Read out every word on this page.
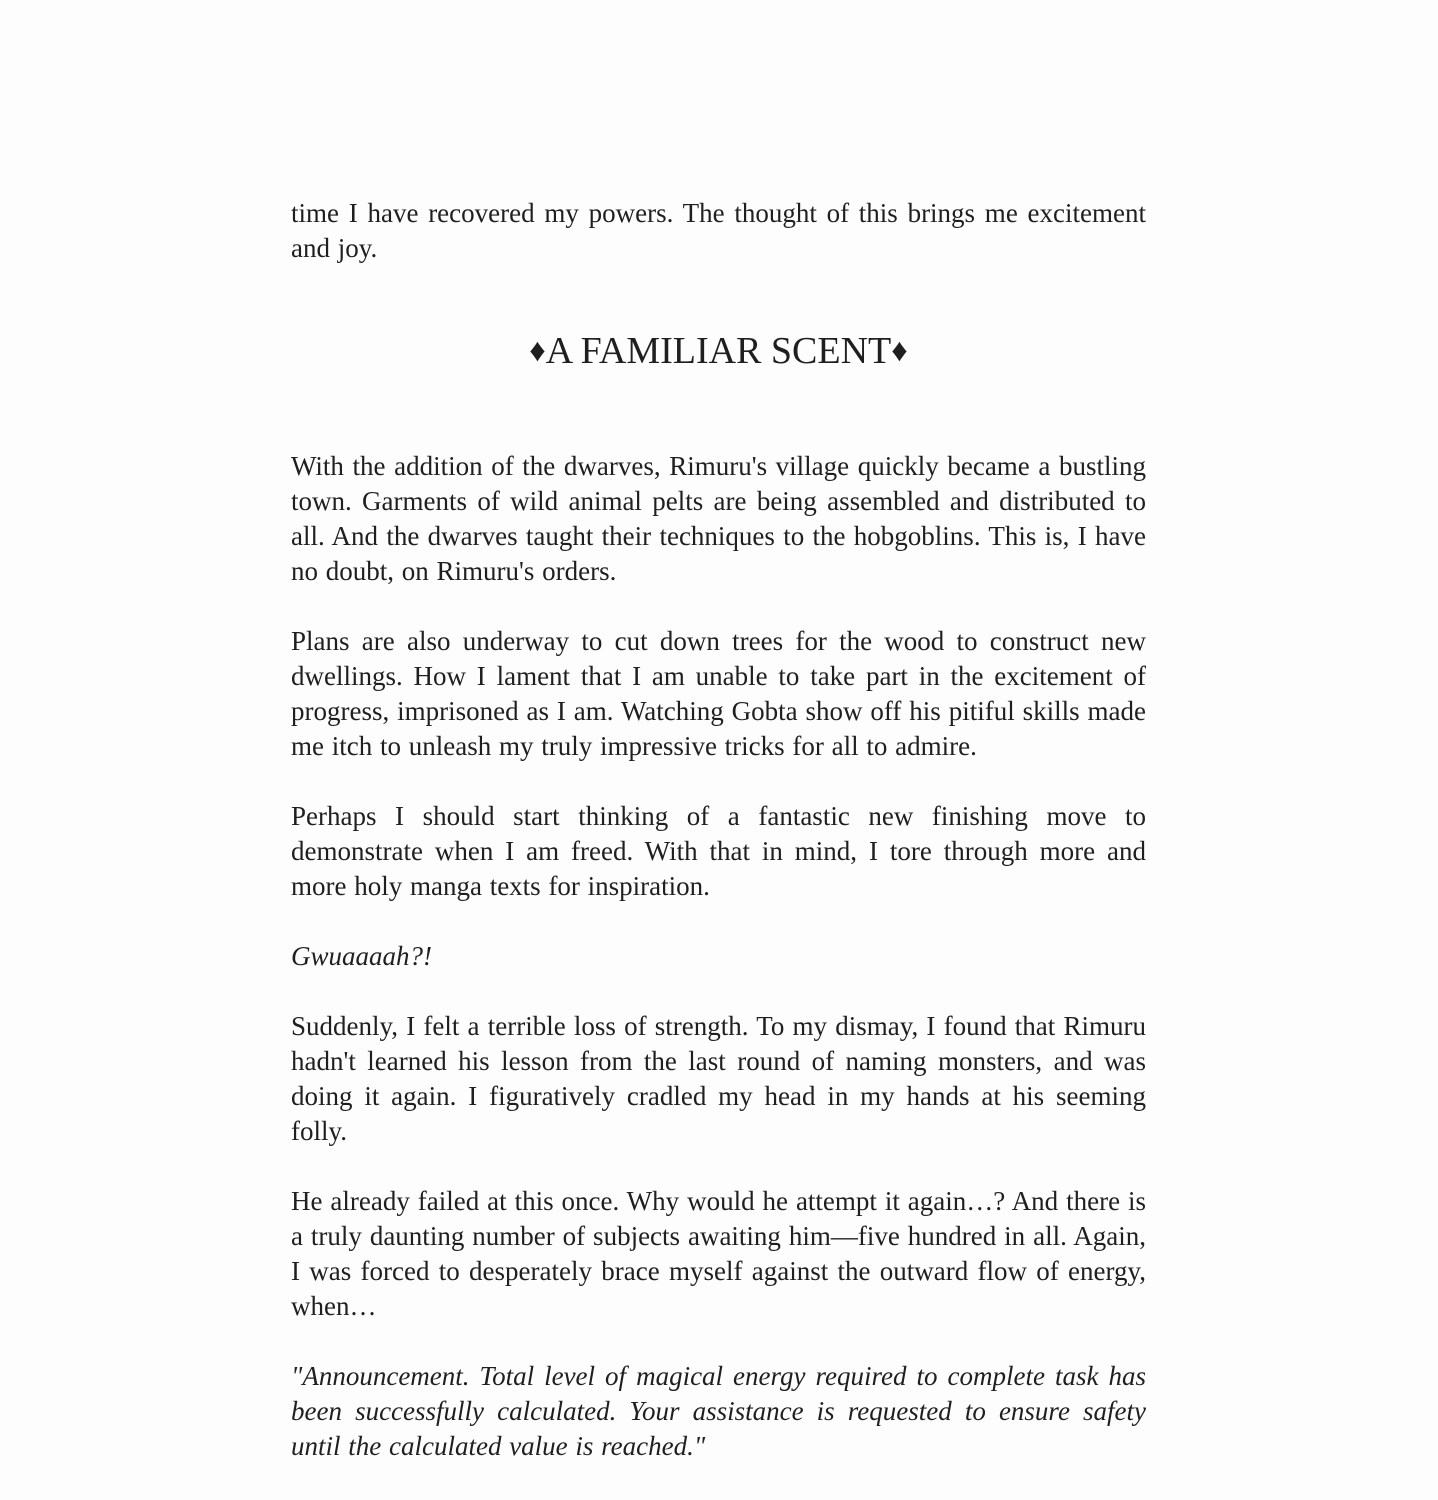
time I have recovered my powers. The thought of this brings me excitement and joy.

♦A FAMILIAR SCENT♦

With the addition of the dwarves, Rimuru's village quickly became a bustling town. Garments of wild animal pelts are being assembled and distributed to all. And the dwarves taught their techniques to the hobgoblins. This is, I have no doubt, on Rimuru's orders.

Plans are also underway to cut down trees for the wood to construct new dwellings. How I lament that I am unable to take part in the excitement of progress, imprisoned as I am. Watching Gobta show off his pitiful skills made me itch to unleash my truly impressive tricks for all to admire.

Perhaps I should start thinking of a fantastic new finishing move to demonstrate when I am freed. With that in mind, I tore through more and more holy manga texts for inspiration.

Gwuaaaah?!

Suddenly, I felt a terrible loss of strength. To my dismay, I found that Rimuru hadn't learned his lesson from the last round of naming monsters, and was doing it again. I figuratively cradled my head in my hands at his seeming folly.

He already failed at this once. Why would he attempt it again…? And there is a truly daunting number of subjects awaiting him—five hundred in all. Again, I was forced to desperately brace myself against the outward flow of energy, when…

"Announcement. Total level of magical energy required to complete task has been successfully calculated. Your assistance is requested to ensure safety until the calculated value is reached."
